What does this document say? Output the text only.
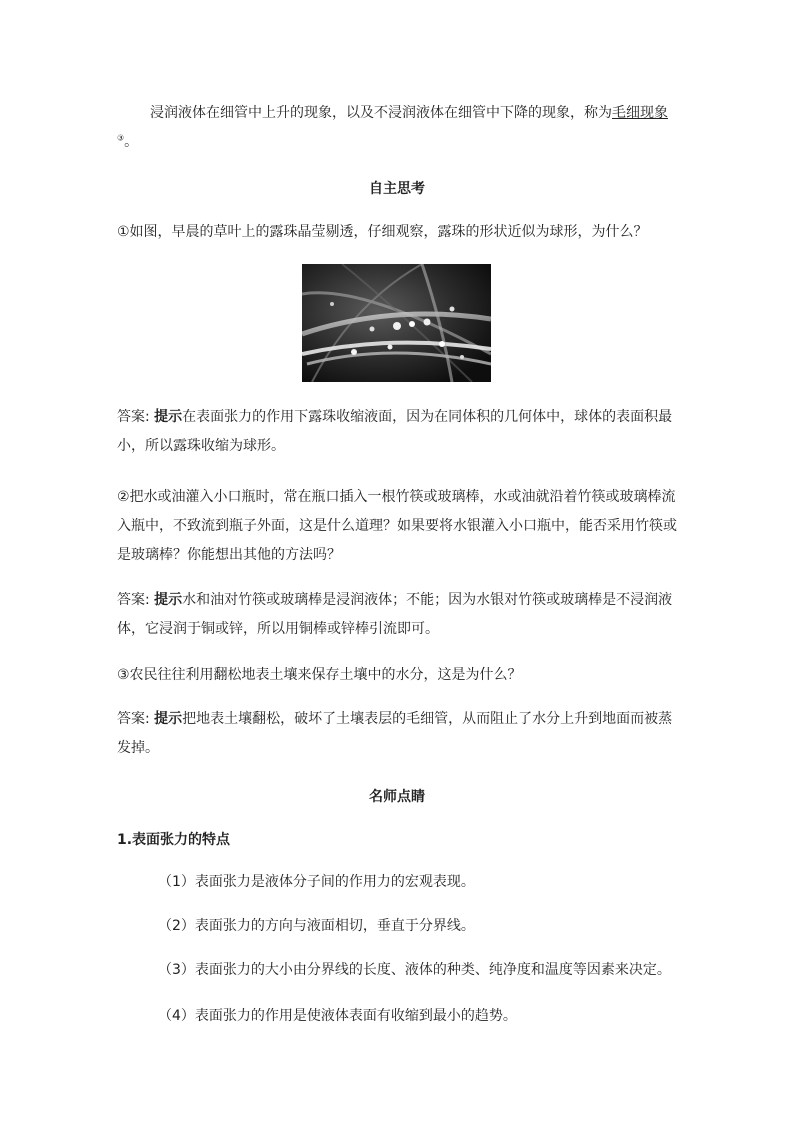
浸润液体在细管中上升的现象，以及不浸润液体在细管中下降的现象，称为毛细现象③。

自主思考

①如图，早晨的草叶上的露珠晶莹剔透，仔细观察，露珠的形状近似为球形，为什么？

答案: 提示在表面张力的作用下露珠收缩液面，因为在同体积的几何体中，球体的表面积最小，所以露珠收缩为球形。

②把水或油灌入小口瓶时，常在瓶口插入一根竹筷或玻璃棒，水或油就沿着竹筷或玻璃棒流入瓶中，不致流到瓶子外面，这是什么道理？如果要将水银灌入小口瓶中，能否采用竹筷或是玻璃棒？你能想出其他的方法吗？

答案: 提示水和油对竹筷或玻璃棒是浸润液体；不能；因为水银对竹筷或玻璃棒是不浸润液体，它浸润于铜或锌，所以用铜棒或锌棒引流即可。

③农民往往利用翻松地表土壤来保存土壤中的水分，这是为什么？

答案: 提示把地表土壤翻松，破坏了土壤表层的毛细管，从而阻止了水分上升到地面而被蒸发掉。

名师点睛

1.表面张力的特点

（1）表面张力是液体分子间的作用力的宏观表现。

（2）表面张力的方向与液面相切，垂直于分界线。

（3）表面张力的大小由分界线的长度、液体的种类、纯净度和温度等因素来决定。

（4）表面张力的作用是使液体表面有收缩到最小的趋势。
